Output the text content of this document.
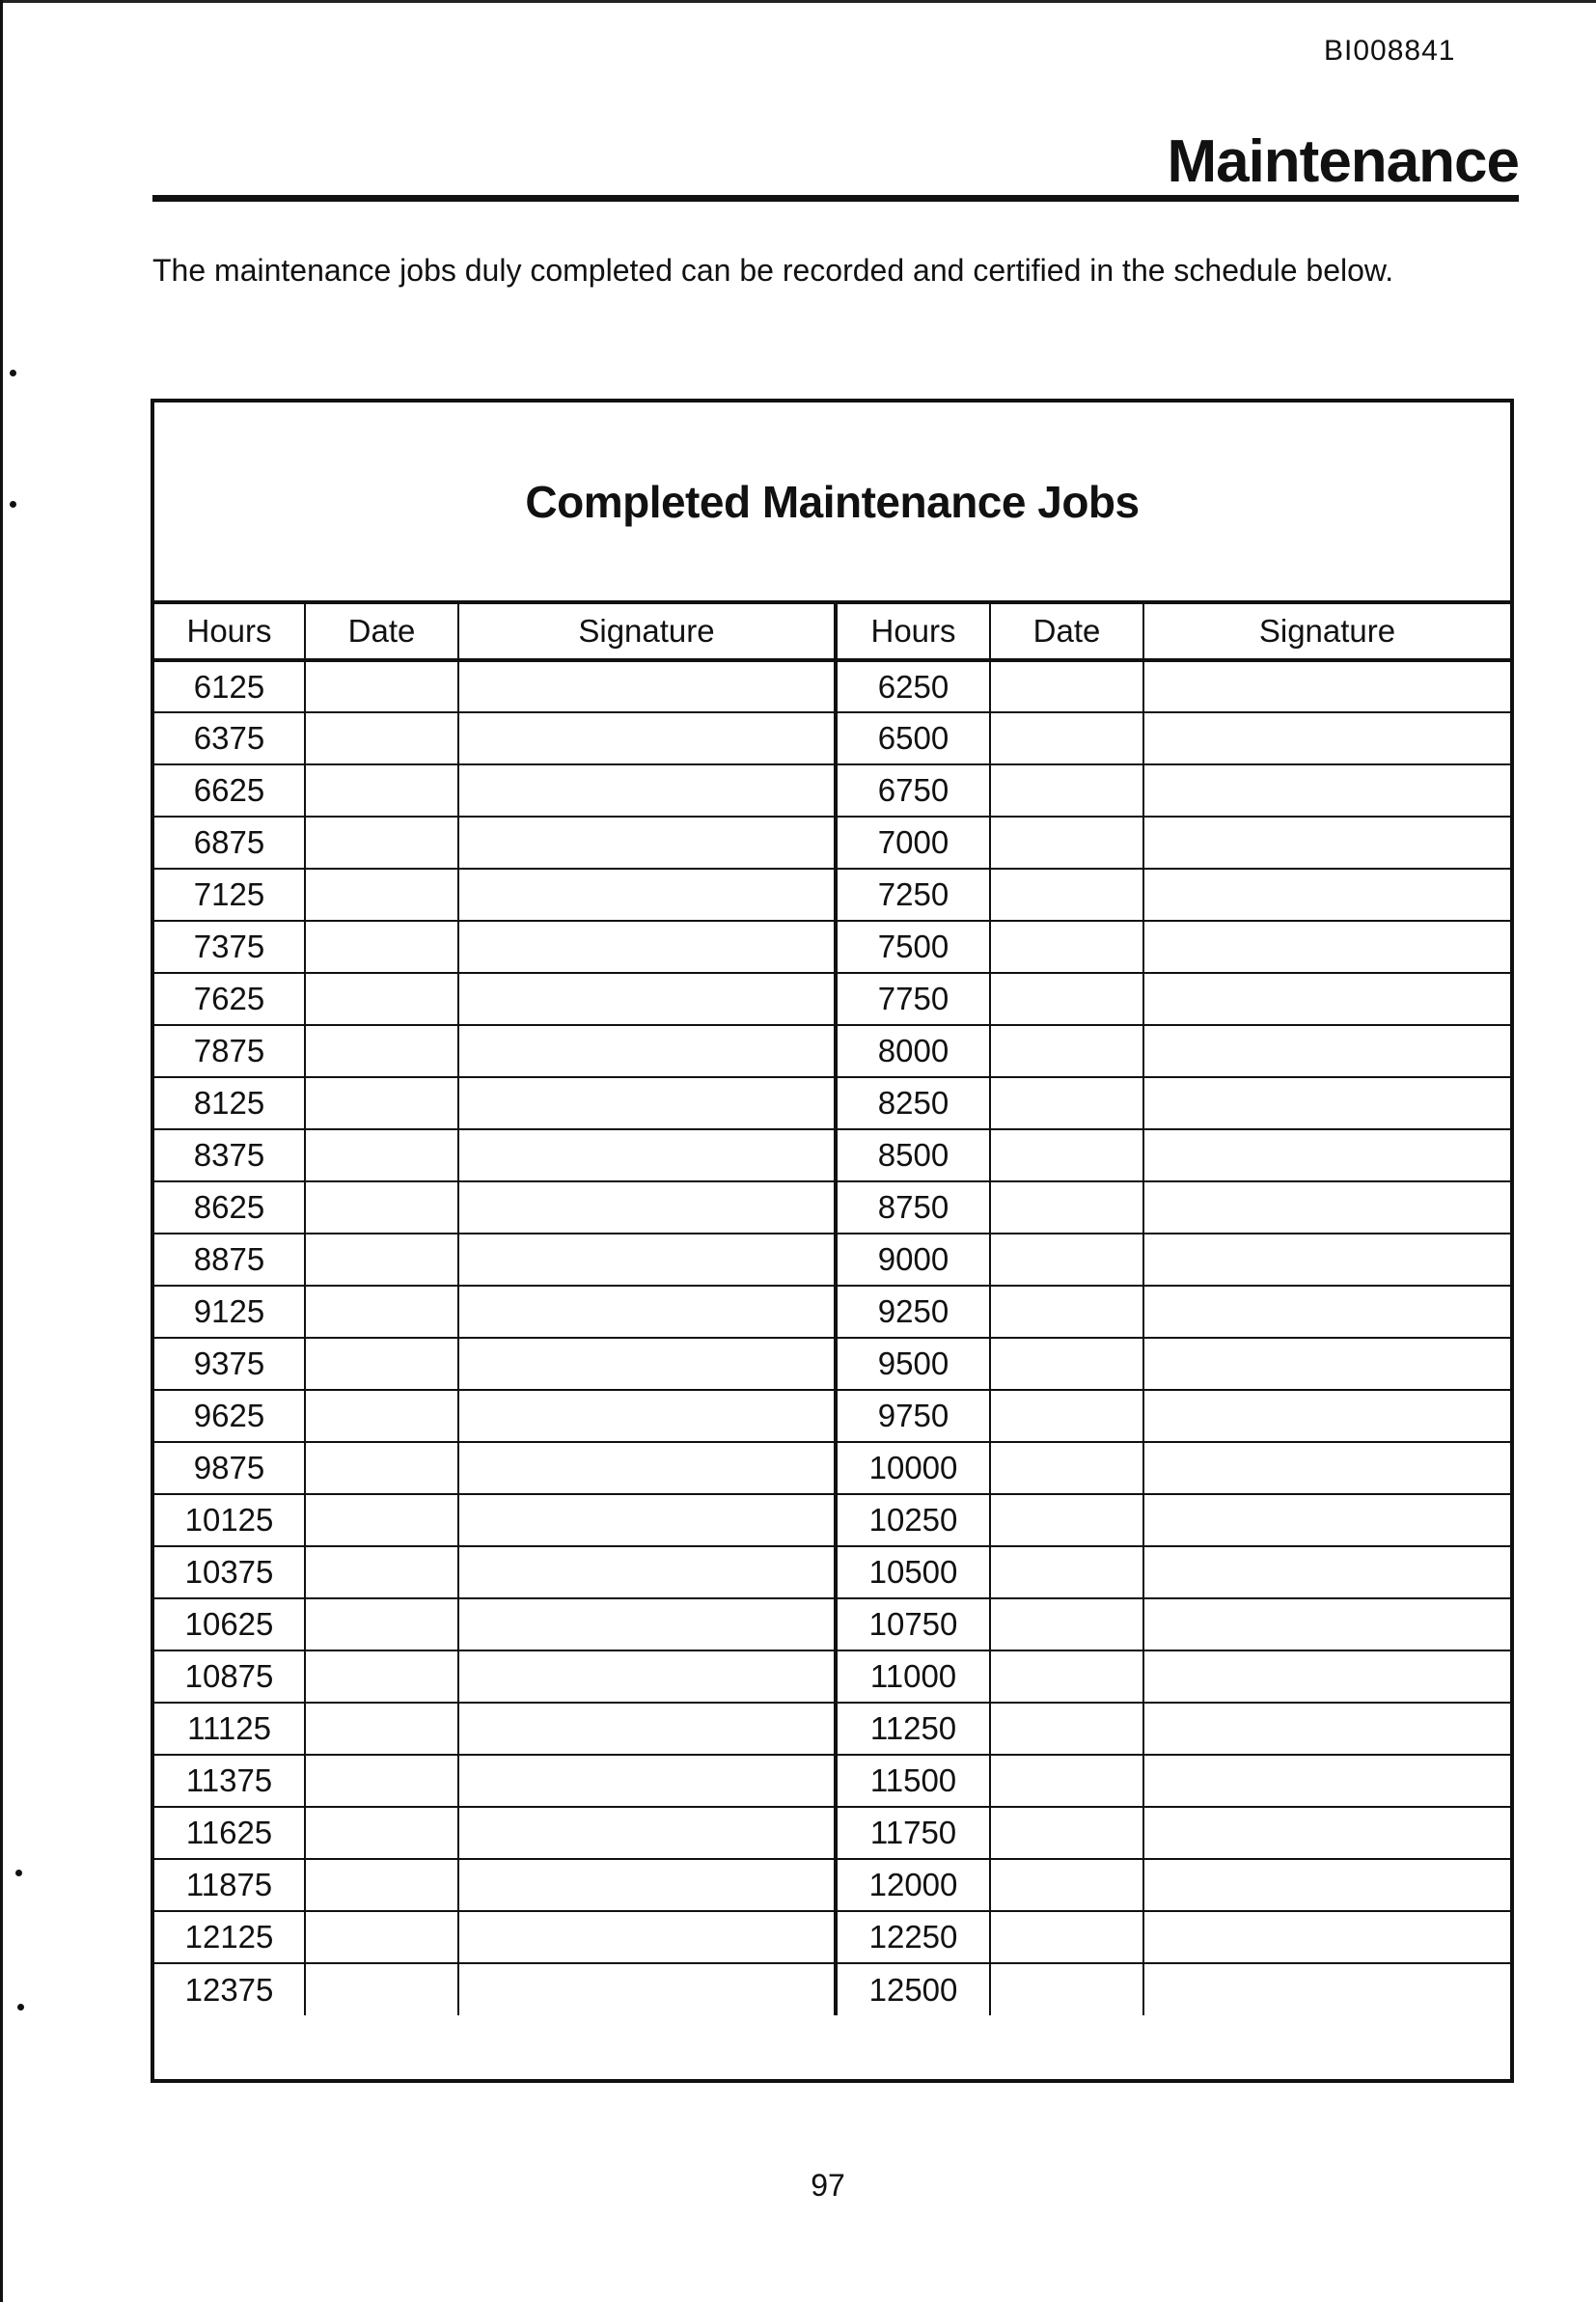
BI008841
Maintenance

The maintenance jobs duly completed can be recorded and certified in the schedule below.

Completed Maintenance Jobs
Hours	Date	Signature	Hours	Date	Signature
6125			6250		
6375			6500		
6625			6750		
6875			7000		
7125			7250		
7375			7500		
7625			7750		
7875			8000		
8125			8250		
8375			8500		
8625			8750		
8875			9000		
9125			9250		
9375			9500		
9625			9750		
9875			10000		
10125			10250		
10375			10500		
10625			10750		
10875			11000		
11125			11250		
11375			11500		
11625			11750		
11875			12000		
12125			12250		
12375			12500		
97
